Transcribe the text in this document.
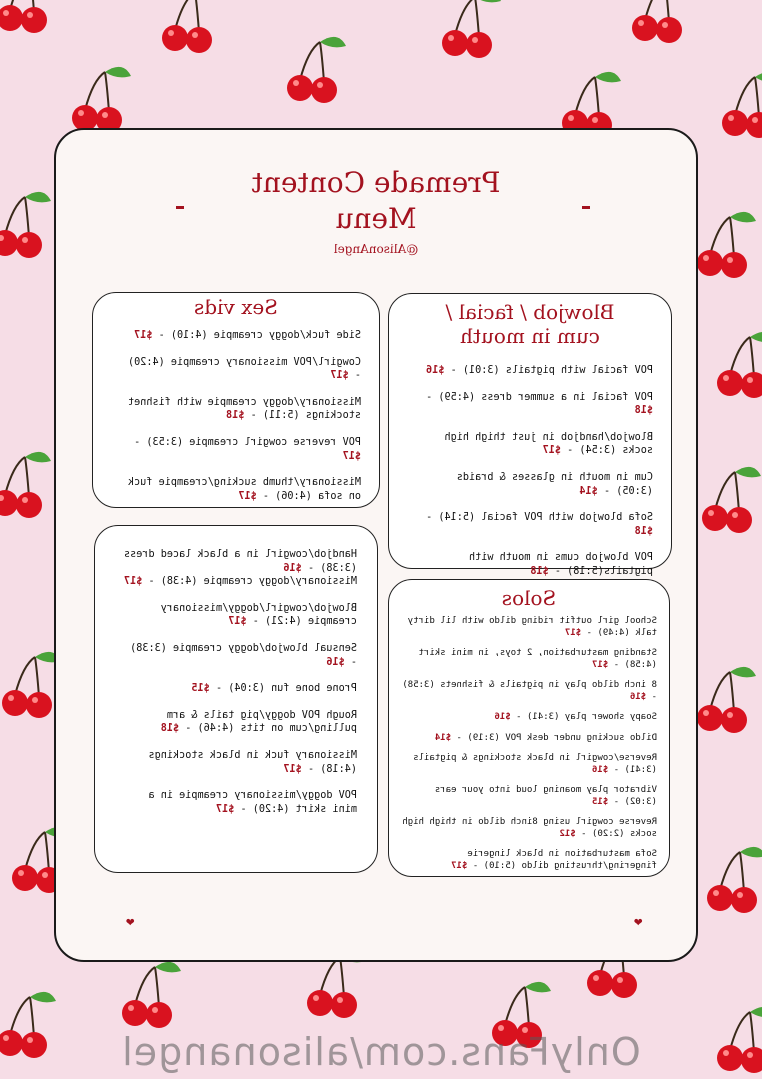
Premade Content
Menu
@AlisonAngel
Sex vids
Side fuck/doggy creampie (4:10) - $17
Cowgirl/POV missionary creampie (4:20) - $17
Missionary/doggy creampie with fishnet stockings (5:11) - $18
POV reverse cowgirl creampie (3:53) - $17
Missionary/thumb sucking/creampie fuck on sofa (4:06) - $17
Blowjob / facial /
cum in mouth
POV facial with pigtails (3:01) - $16
POV facial in a summer dress (4:59) - $18
Blowjob/handjob in just thigh high socks (3:54) - $17
Cum in mouth in glasses & braids (3:05) - $14
Sofa blowjob with POV facial (5:14) - $18
POV blowjob cums in mouth with pigtails(5:18) - $18
Handjob/cowgirl in a black laced dress (3:38) - $16
Missionary/doggy creampie (4:38) - $17
Blowjob/cowgirl/doggy/missionary creampie (4:21) - $17
Sensual blowjob/doggy creampie (3:38) - $16
Prone bone fun (3:04) - $15
Rough POV doggy/pig tails & arm pulling/cum on tits (4:46) - $18
Missionary fuck in black stockings (4:18) - $17
POV doggy/missionary creampie in a mini skirt (4:20) - $17
Solos
School girl outfit riding dildo with lil dirty talk (4:49) - $17
Standing masturbation, 2 toys, in mini skirt (4:58) - $17
8 inch dildo play in pigtails & fishnets (3:58) - $16
Soapy shower play (3:41) - $16
Dildo sucking under desk POV (3:19) - $14
Reverse/cowgirl in black stockings & pigtails (3:41) - $16
Vibrator play moaning loud into your ears (3:02) - $15
Reverse cowgirl using 8inch dildo in thigh high socks (2:20) - $12
Sofa masturbation in black lingerie fingering/thrusting dildo (5:10) - $17
❤	❤
OnlyFans.com/alisonangel
